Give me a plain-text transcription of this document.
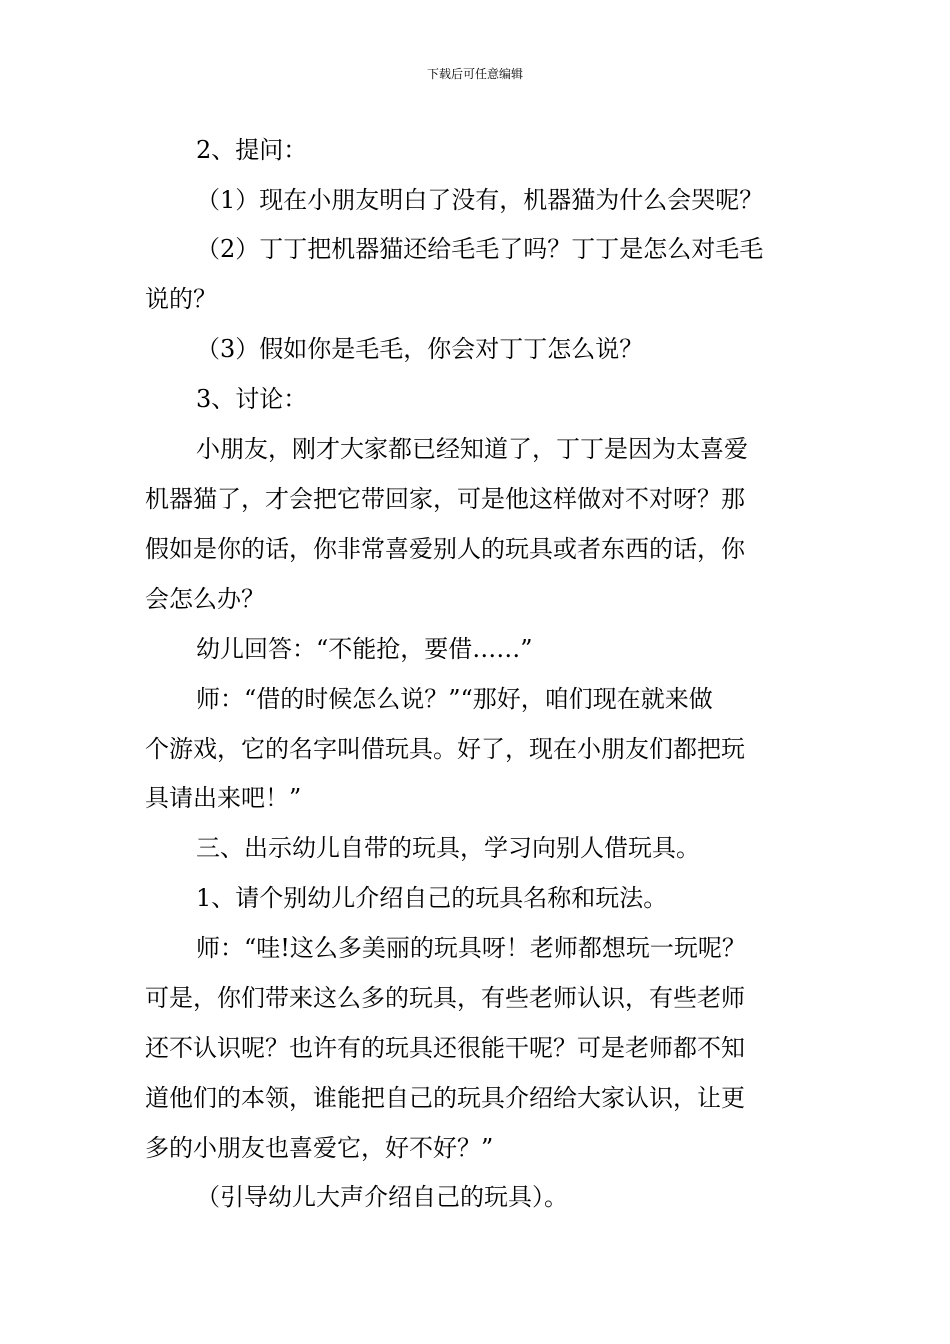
下载后可任意编辑
2、提问：
（1）现在小朋友明白了没有，机器猫为什么会哭呢？
（2）丁丁把机器猫还给毛毛了吗？丁丁是怎么对毛毛
说的？
（3）假如你是毛毛，你会对丁丁怎么说？
3、讨论：
小朋友，刚才大家都已经知道了，丁丁是因为太喜爱
机器猫了，才会把它带回家，可是他这样做对不对呀？那
假如是你的话，你非常喜爱别人的玩具或者东西的话，你
会怎么办？
幼儿回答：“不能抢，要借……”
师：“借的时候怎么说？”“那好，咱们现在就来做
个游戏，它的名字叫借玩具。好了，现在小朋友们都把玩
具请出来吧！”
三、出示幼儿自带的玩具，学习向别人借玩具。
1、请个别幼儿介绍自己的玩具名称和玩法。
师：“哇!这么多美丽的玩具呀！老师都想玩一玩呢？
可是，你们带来这么多的玩具，有些老师认识，有些老师
还不认识呢？也许有的玩具还很能干呢？可是老师都不知
道他们的本领，谁能把自己的玩具介绍给大家认识，让更
多的小朋友也喜爱它，好不好？”
（引导幼儿大声介绍自己的玩具）。
